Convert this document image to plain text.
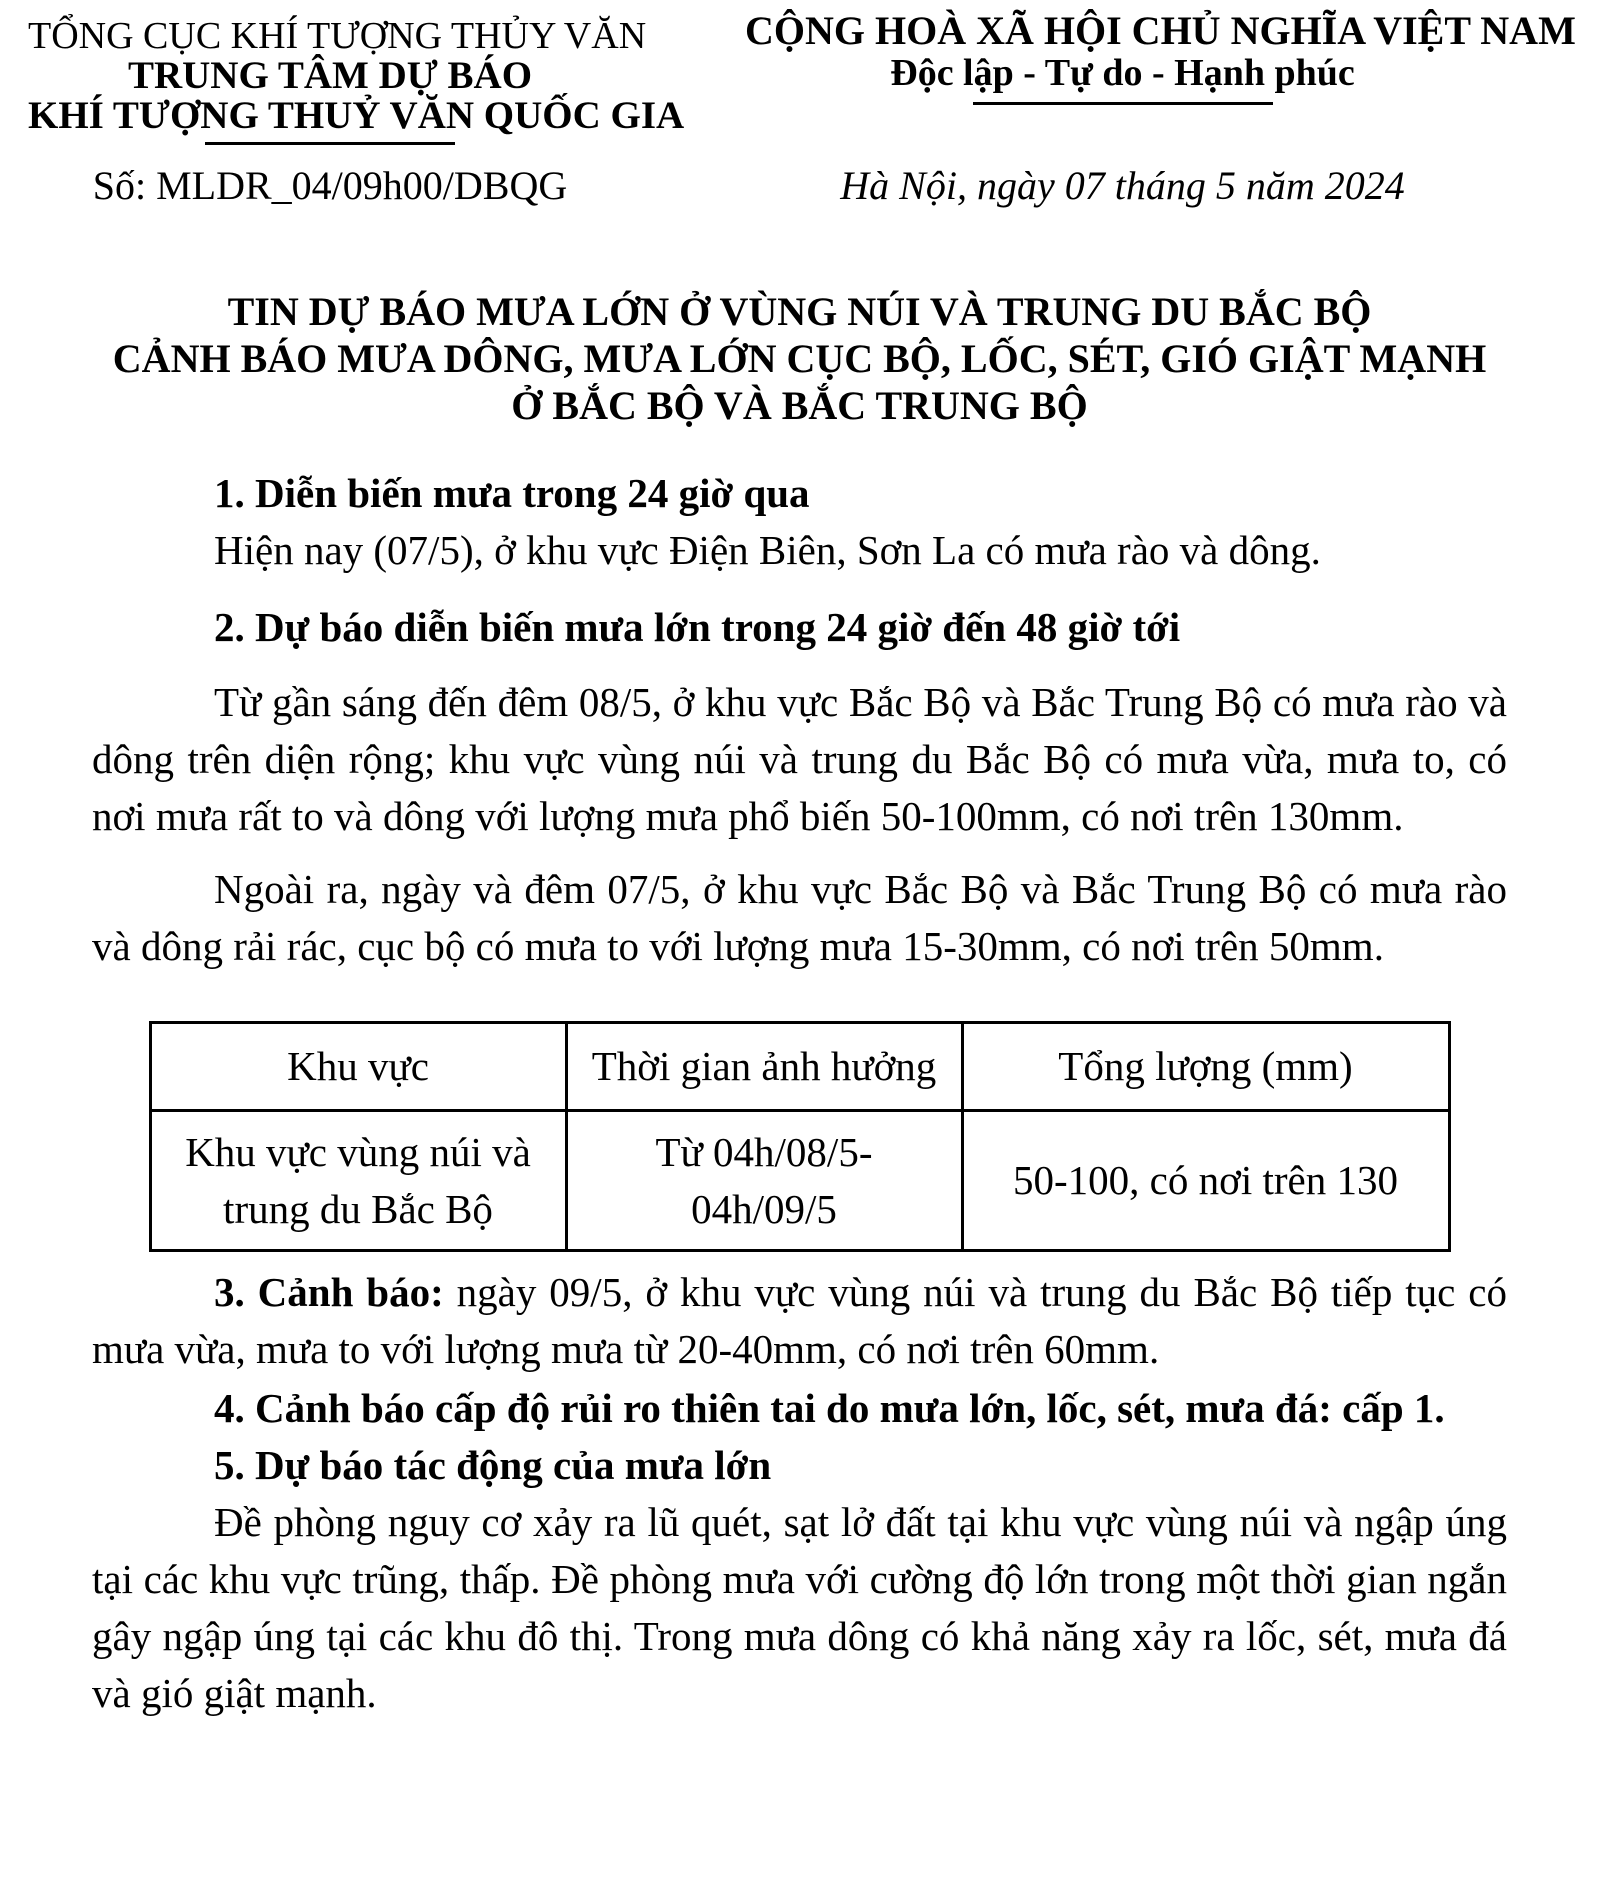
TỔNG CỤC KHÍ TƯỢNG THỦY VĂN
TRUNG TÂM DỰ BÁO
KHÍ TƯỢNG THUỶ VĂN QUỐC GIA
CỘNG HOÀ XÃ HỘI CHỦ NGHĨA VIỆT NAM
Độc lập - Tự do - Hạnh phúc
Số: MLDR_04/09h00/DBQG	Hà Nội, ngày 07 tháng 5 năm 2024
TIN DỰ BÁO MƯA LỚN Ở VÙNG NÚI VÀ TRUNG DU BẮC BỘ
CẢNH BÁO MƯA DÔNG, MƯA LỚN CỤC BỘ, LỐC, SÉT, GIÓ GIẬT MẠNH
Ở BẮC BỘ VÀ BẮC TRUNG BỘ
1. Diễn biến mưa trong 24 giờ qua
Hiện nay (07/5), ở khu vực Điện Biên, Sơn La có mưa rào và dông.
2. Dự báo diễn biến mưa lớn trong 24 giờ đến 48 giờ tới
Từ gần sáng đến đêm 08/5, ở khu vực Bắc Bộ và Bắc Trung Bộ có mưa rào và dông trên diện rộng; khu vực vùng núi và trung du Bắc Bộ có mưa vừa, mưa to, có nơi mưa rất to và dông với lượng mưa phổ biến 50-100mm, có nơi trên 130mm.
Ngoài ra, ngày và đêm 07/5, ở khu vực Bắc Bộ và Bắc Trung Bộ có mưa rào và dông rải rác, cục bộ có mưa to với lượng mưa 15-30mm, có nơi trên 50mm.
Khu vực	Thời gian ảnh hưởng	Tổng lượng (mm)
Khu vực vùng núi và trung du Bắc Bộ	Từ 04h/08/5- 04h/09/5	50-100, có nơi trên 130
3. Cảnh báo: ngày 09/5, ở khu vực vùng núi và trung du Bắc Bộ tiếp tục có mưa vừa, mưa to với lượng mưa từ 20-40mm, có nơi trên 60mm.
4. Cảnh báo cấp độ rủi ro thiên tai do mưa lớn, lốc, sét, mưa đá: cấp 1.
5. Dự báo tác động của mưa lớn
Đề phòng nguy cơ xảy ra lũ quét, sạt lở đất tại khu vực vùng núi và ngập úng tại các khu vực trũng, thấp. Đề phòng mưa với cường độ lớn trong một thời gian ngắn gây ngập úng tại các khu đô thị. Trong mưa dông có khả năng xảy ra lốc, sét, mưa đá và gió giật mạnh.
